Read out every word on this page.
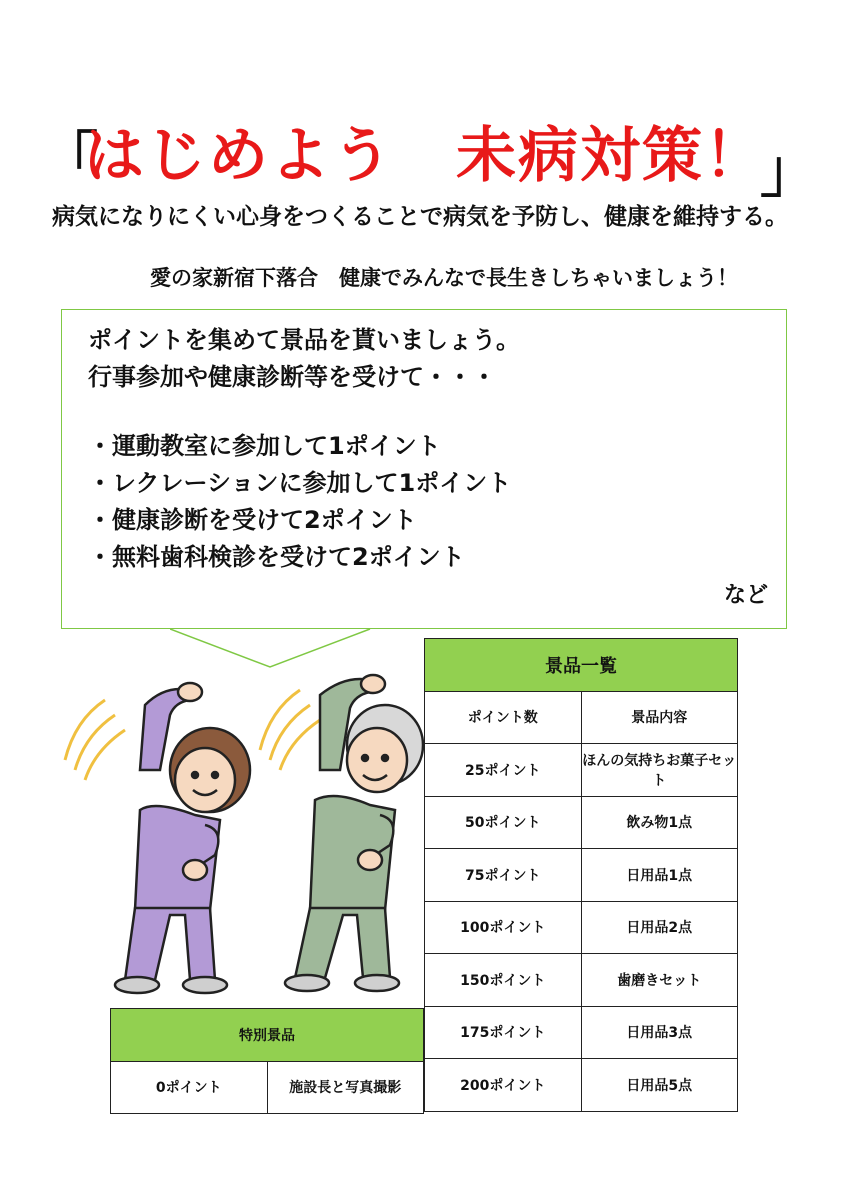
「
はじめよう　未病対策！
」
病気になりにくい心身をつくることで病気を予防し、健康を維持する。
愛の家新宿下落合　健康でみんなで長生きしちゃいましょう！
ポイントを集めて景品を貰いましょう。
行事参加や健康診断等を受けて・・・
・運動教室に参加して1ポイント
・レクレーションに参加して1ポイント
・健康診断を受けて2ポイント
・無料歯科検診を受けて2ポイント
など
景品一覧	
ポイント数	景品内容
25ポイント	ほんの気持ちお菓子セット
50ポイント	飲み物1点
75ポイント	日用品1点
100ポイント	日用品2点
150ポイント	歯磨きセット
175ポイント	日用品3点
200ポイント	日用品5点
特別景品
0ポイント	施設長と写真撮影
